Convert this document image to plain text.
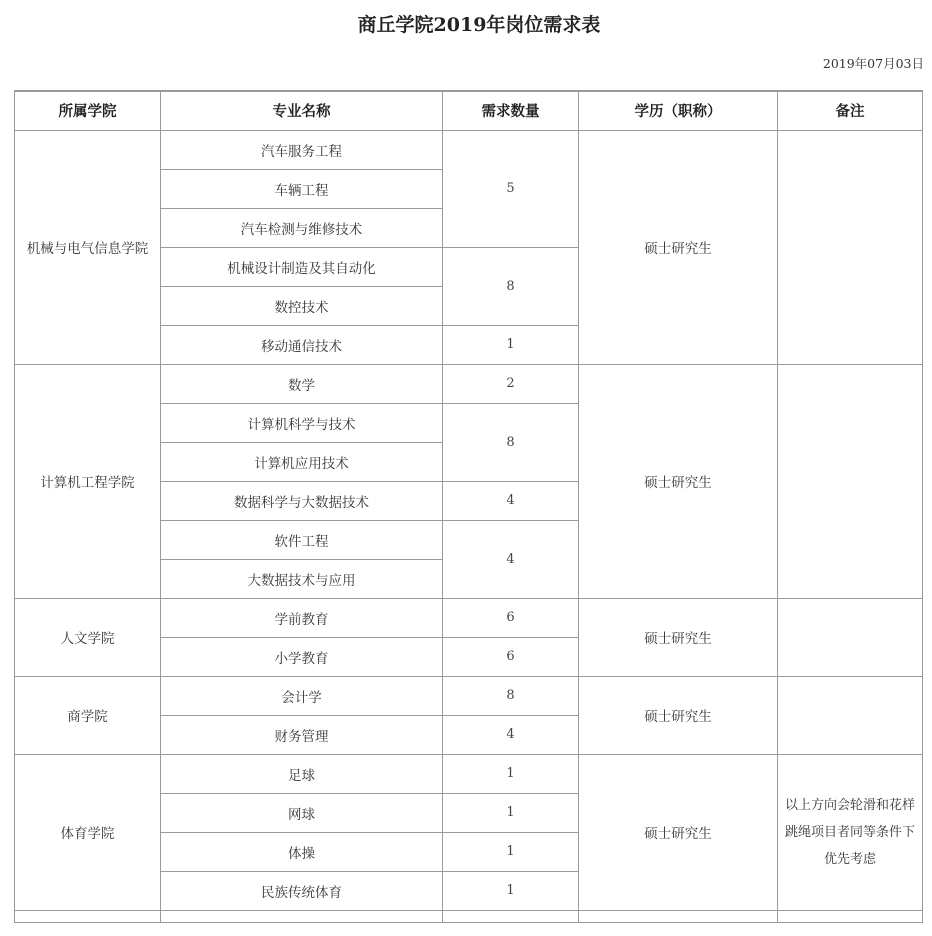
商丘学院2019年岗位需求表
2019年07月03日
所属学院	专业名称	需求数量	学历（职称）	备注
机械与电气信息学院	汽车服务工程	5	硕士研究生	
	车辆工程			
	汽车检测与维修技术			
	机械设计制造及其自动化	8		
	数控技术			
	移动通信技术	1		
计算机工程学院	数学	2	硕士研究生	
	计算机科学与技术	8		
	计算机应用技术			
	数据科学与大数据技术	4		
	软件工程	4		
	大数据技术与应用			
人文学院	学前教育	6	硕士研究生	
	小学教育	6		
商学院	会计学	8	硕士研究生	
	财务管理	4		
体育学院	足球	1	硕士研究生	以上方向会轮滑和花样跳绳项目者同等条件下优先考虑
	网球	1		
	体操	1		
	民族传统体育	1		
